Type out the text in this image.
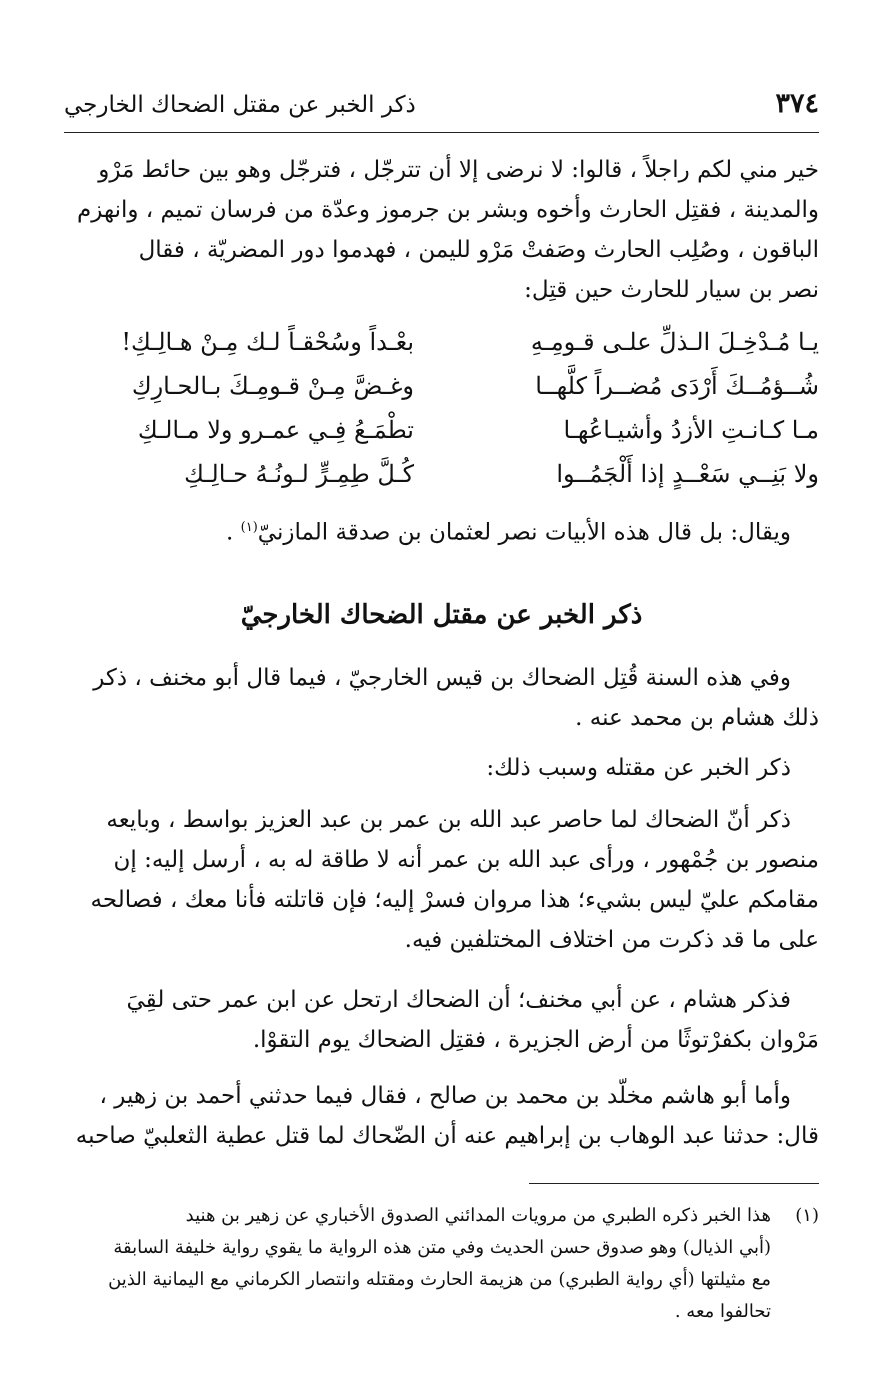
٣٧٤
ذكر الخبر عن مقتل الضحاك الخارجي
خير مني لكم راجلاً ، قالوا: لا نرضى إلا أن تترجّل ، فترجّل وهو بين حائط مَرْو
والمدينة ، فقتِل الحارث وأخوه وبشر بن جرموز وعدّة من فرسان تميم ، وانهزم
الباقون ، وصُلِب الحارث وصَفتْ مَرْو لليمن ، فهدموا دور المضريّة ، فقال
نصر بن سيار للحارث حين قتِل:
يـا مُـدْخِـلَ الـذلِّ علـى قـومِـهِ
بعْـداً وسُحْقـاً لـك مِـنْ هـالِـكِ!
شُــؤمُــكَ أَرْدَى مُضــراً كلَّهــا
وغـضَّ مِـنْ قـومِـكَ بـالحـارِكِ
مـا كـانـتِ الأزدُ وأشيـاعُهـا
تطْمَـعُ فِـي عمـرو ولا مـالـكِ
ولا بَنِــي سَعْــدٍ إذا أَلْجَمُــوا
كُـلَّ طِمِـرٍّ لـونُـهُ حـالِـكِ
ويقال: بل قال هذه الأبيات نصر لعثمان بن صدقة المازنيّ$^{(١)}$ .
ذكر الخبر عن مقتل الضحاك الخارجيّ
وفي هذه السنة قُتِل الضحاك بن قيس الخارجيّ ، فيما قال أبو مخنف ، ذكر
ذلك هشام بن محمد عنه .
ذكر الخبر عن مقتله وسبب ذلك:
ذكر أنّ الضحاك لما حاصر عبد الله بن عمر بن عبد العزيز بواسط ، وبايعه
منصور بن جُمْهور ، ورأى عبد الله بن عمر أنه لا طاقة له به ، أرسل إليه: إن
مقامكم عليّ ليس بشيء؛ هذا مروان فسرْ إليه؛ فإن قاتلته فأنا معك ، فصالحه
على ما قد ذكرت من اختلاف المختلفين فيه.
فذكر هشام ، عن أبي مخنف؛ أن الضحاك ارتحل عن ابن عمر حتى لقِيَ
مَرْوان بكفرْتوثًا من أرض الجزيرة ، فقتِل الضحاك يوم التقوْا.
وأما أبو هاشم مخلّد بن محمد بن صالح ، فقال فيما حدثني أحمد بن زهير ،
قال: حدثنا عبد الوهاب بن إبراهيم عنه أن الضّحاك لما قتل عطية الثعلبيّ صاحبه
(١)
هذا الخبر ذكره الطبري من مرويات المدائني الصدوق الأخباري عن زهير بن هنيد
(أبي الذيال) وهو صدوق حسن الحديث وفي متن هذه الرواية ما يقوي رواية خليفة السابقة
مع مثيلتها (أي رواية الطبري) من هزيمة الحارث ومقتله وانتصار الكرماني مع اليمانية الذين
تحالفوا معه .
